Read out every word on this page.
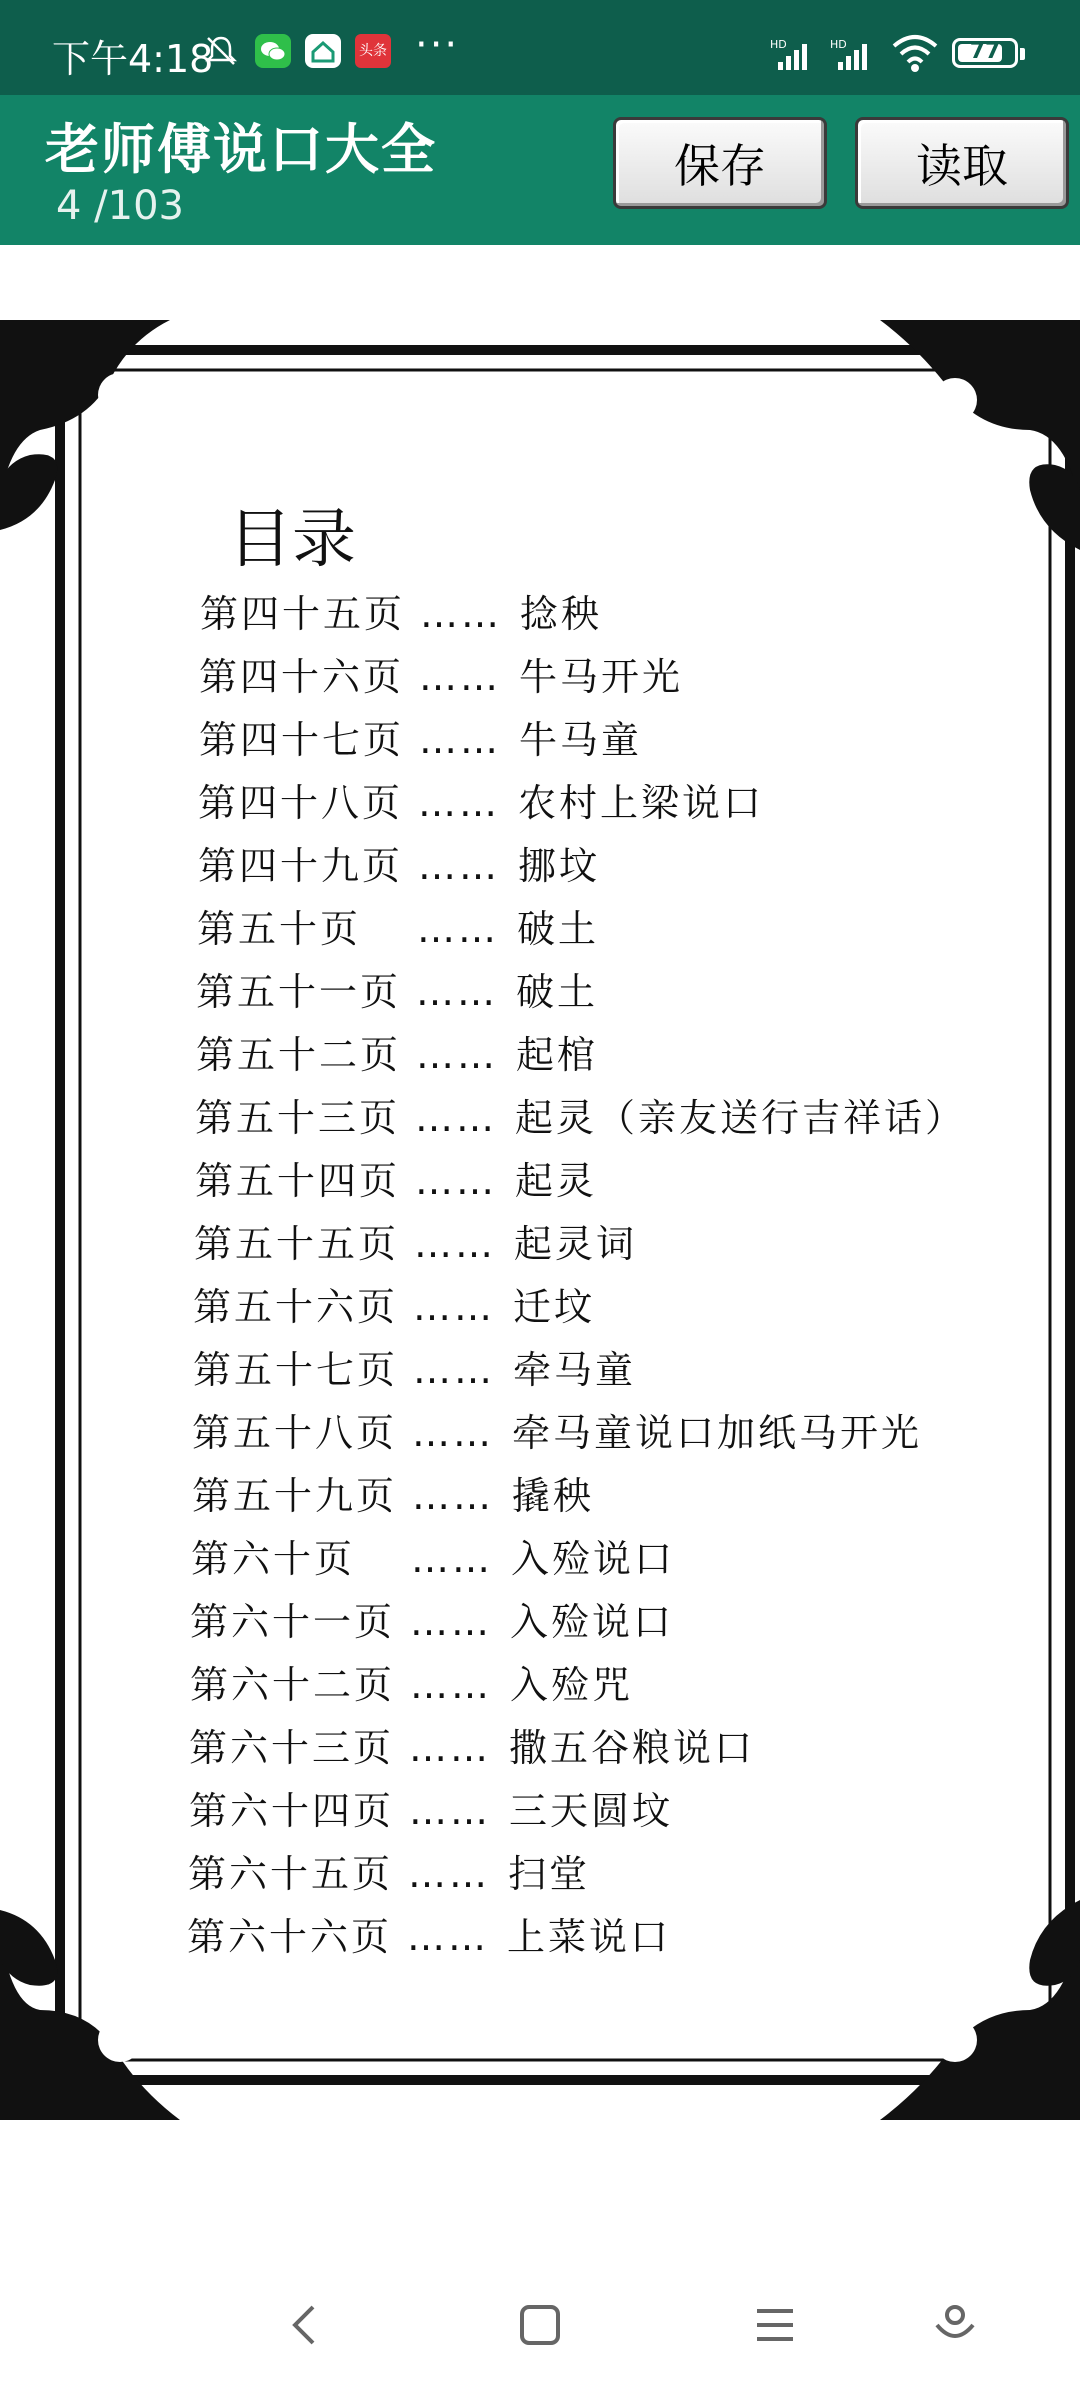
下午4:18	头条 ···	HD	HD	77
老师傅说口大全
4 /103
保存	读取
目录
第四十五页 …… 捻秧
第四十六页 …… 牛马开光
第四十七页 …… 牛马童
第四十八页 …… 农村上梁说口
第四十九页 …… 挪坟
第五十页 …… 破土
第五十一页 …… 破土
第五十二页 …… 起棺
第五十三页 …… 起灵（亲友送行吉祥话）
第五十四页 …… 起灵
第五十五页 …… 起灵词
第五十六页 …… 迁坟
第五十七页 …… 牵马童
第五十八页 …… 牵马童说口加纸马开光
第五十九页 …… 撬秧
第六十页 …… 入殓说口
第六十一页 …… 入殓说口
第六十二页 …… 入殓咒
第六十三页 …… 撒五谷粮说口
第六十四页 …… 三天圆坟
第六十五页 …… 扫堂
第六十六页 …… 上菜说口
